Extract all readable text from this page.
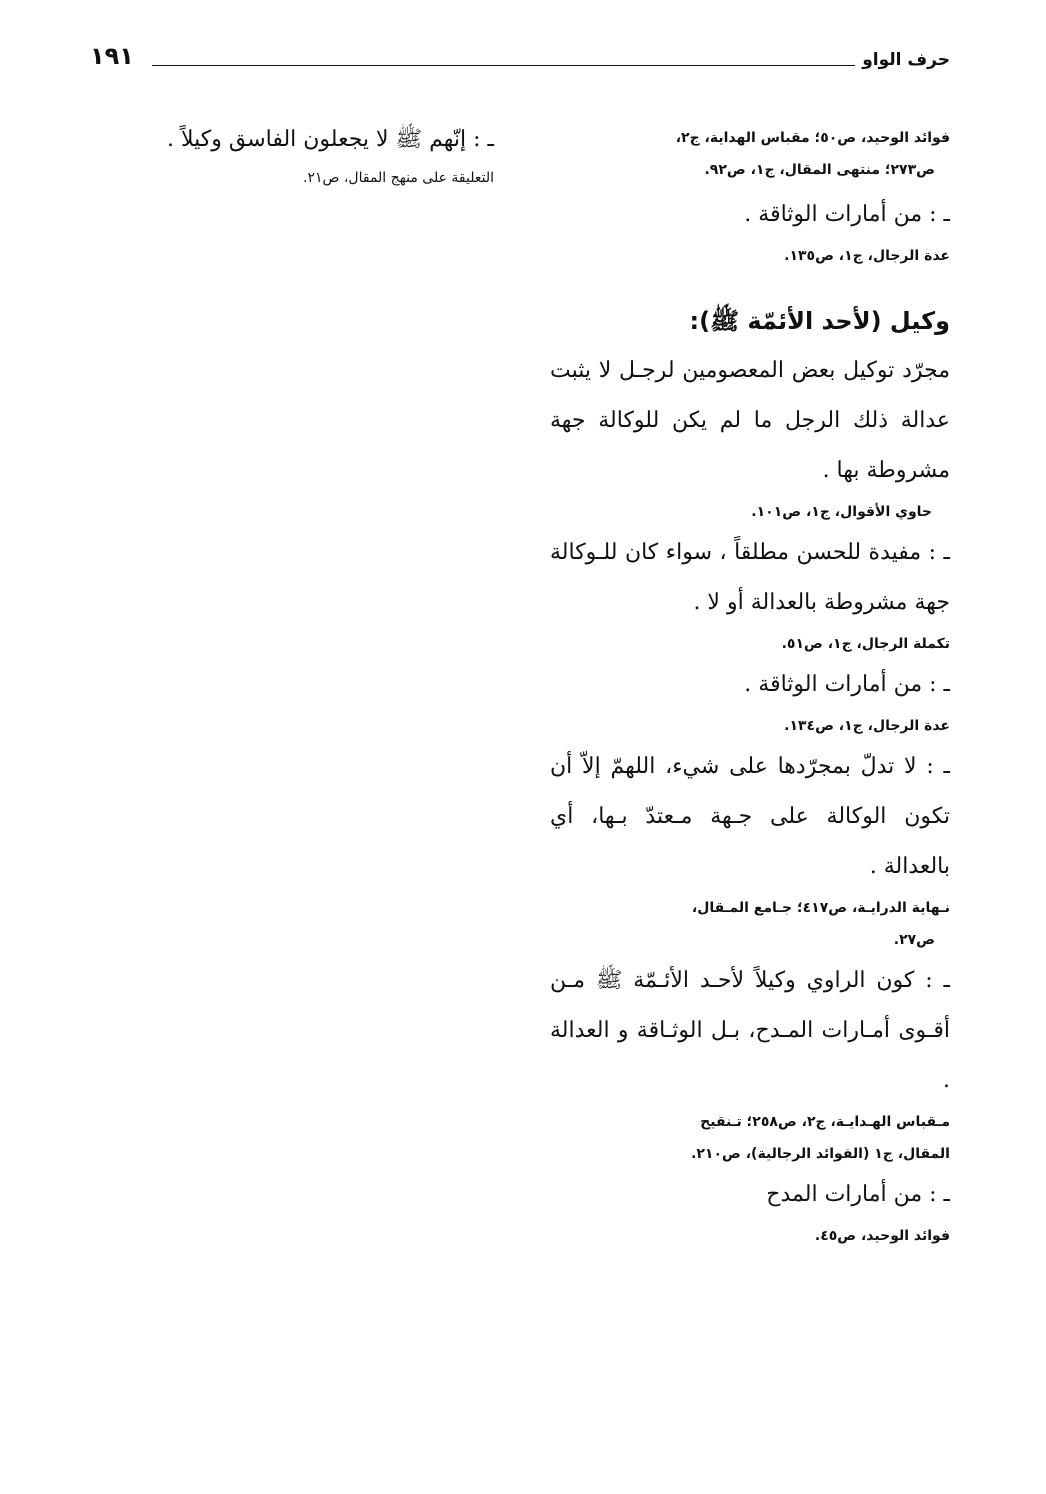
حرف الواو
١٩١

فوائد الوحيد، ص٥٠؛ مقباس الهداية، ج٢،

ص٢٧٣؛ منتهى المقال، ج١، ص٩٢.

ـ : من أمارات الوثاقة .

عدة الرجال، ج١، ص١٣٥.

وكيل (لأحد الأئمّة ﷺ):

مجرّد توكيل بعض المعصومين لرجـل لا يثبت عدالة ذلك الرجل ما لم يكن للوكالة جهة مشروطة بها .

حاوي الأقوال، ج١، ص١٠١.

ـ : مفيدة للحسن مطلقاً ، سواء كان للـوكالة جهة مشروطة بالعدالة أو لا .

تكملة الرجال، ج١، ص٥١.

ـ : من أمارات الوثاقة .

عدة الرجال، ج١، ص١٣٤.

ـ : لا تدلّ بمجرّدها على شيء، اللهمّ إلاّ أن تكون الوكالة على جـهة مـعتدّ بـها، أي بالعدالة .

نـهاية الدرايـة، ص٤١٧؛ جـامع المـقال،

ص٢٧.

ـ : كون الراوي وكيلاً لأحـد الأئـمّة ﷺ مـن أقـوى أمـارات المـدح، بـل الوثـاقة و العدالة .

مـقباس الهـدايـة، ج٢، ص٢٥٨؛ تـنقيح

المقال، ج١ (الفوائد الرجالية)، ص٢١٠.

ـ : من أمارات المدح

فوائد الوحيد، ص٤٥.

ـ : إنّهم ﷺ لا يجعلون الفاسق وكيلاً .

التعليقة على منهج المقال، ص٢١.
